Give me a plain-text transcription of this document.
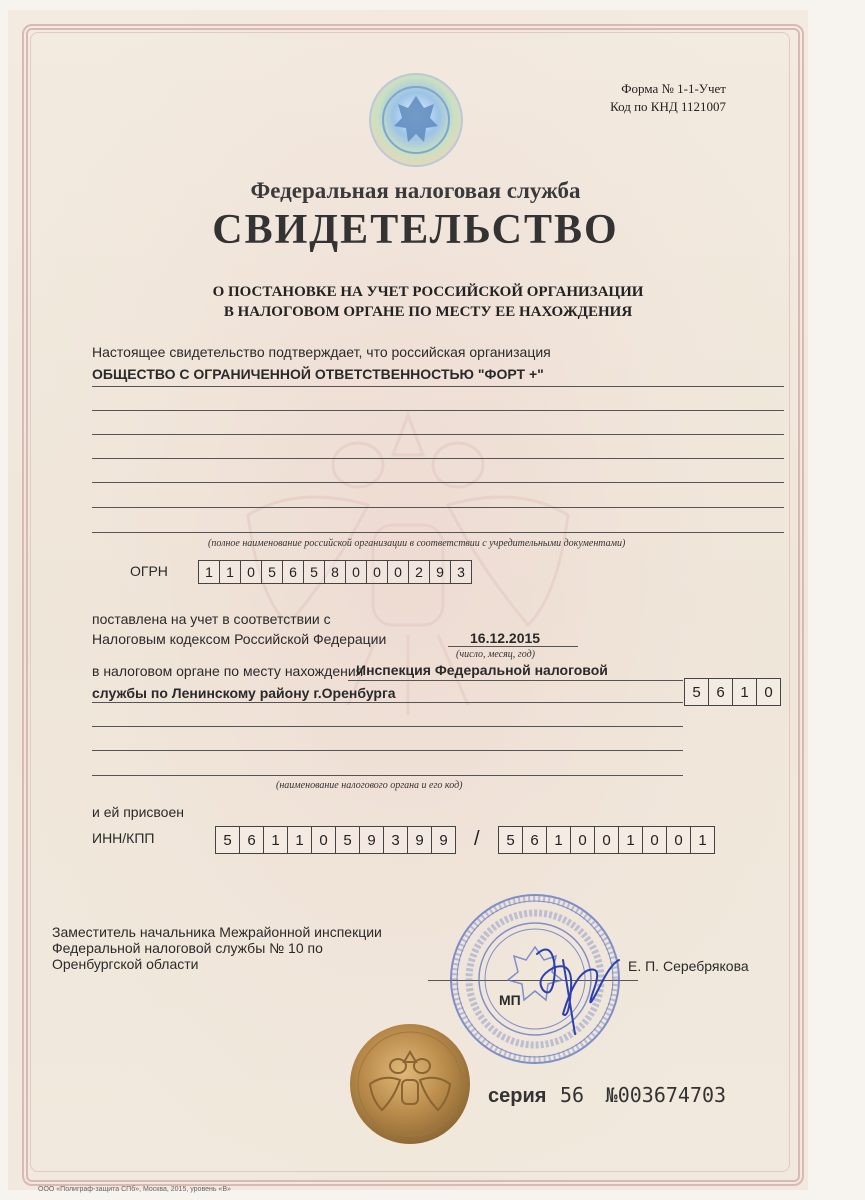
Форма № 1-1-Учет
Код по КНД 1121007
Федеральная налоговая служба
СВИДЕТЕЛЬСТВО
О ПОСТАНОВКЕ НА УЧЕТ РОССИЙСКОЙ ОРГАНИЗАЦИИ
В НАЛОГОВОМ ОРГАНЕ ПО МЕСТУ ЕЕ НАХОЖДЕНИЯ
Настоящее свидетельство подтверждает, что российская организация
ОБЩЕСТВО С ОГРАНИЧЕННОЙ ОТВЕТСТВЕННОСТЬЮ "ФОРТ +"
(полное наименование российской организации в соответствии с учредительными документами)
ОГРН	1 1 0 5 6 5 8 0 0 0 2 9 3
поставлена на учет в соответствии с
Налоговым кодексом Российской Федерации	16.12.2015
(число, месяц, год)
в налоговом органе по месту нахождения
Инспекция Федеральной налоговой
службы по Ленинскому району г.Оренбурга	5	6	1	0
(наименование налогового органа и его код)
и ей присвоен
ИНН/КПП	5	6	1	1	0	5	9	3	9	9	/	5	6	1	0	0	1	0	0	1
Заместитель начальника Межрайонной инспекции
Федеральной налоговой службы № 10 по
Оренбургской области	Е. П. Серебрякова
МП
серия 56 №003674703
ООО «Полиграф-защита СПб», Москва, 2015, уровень «В»
